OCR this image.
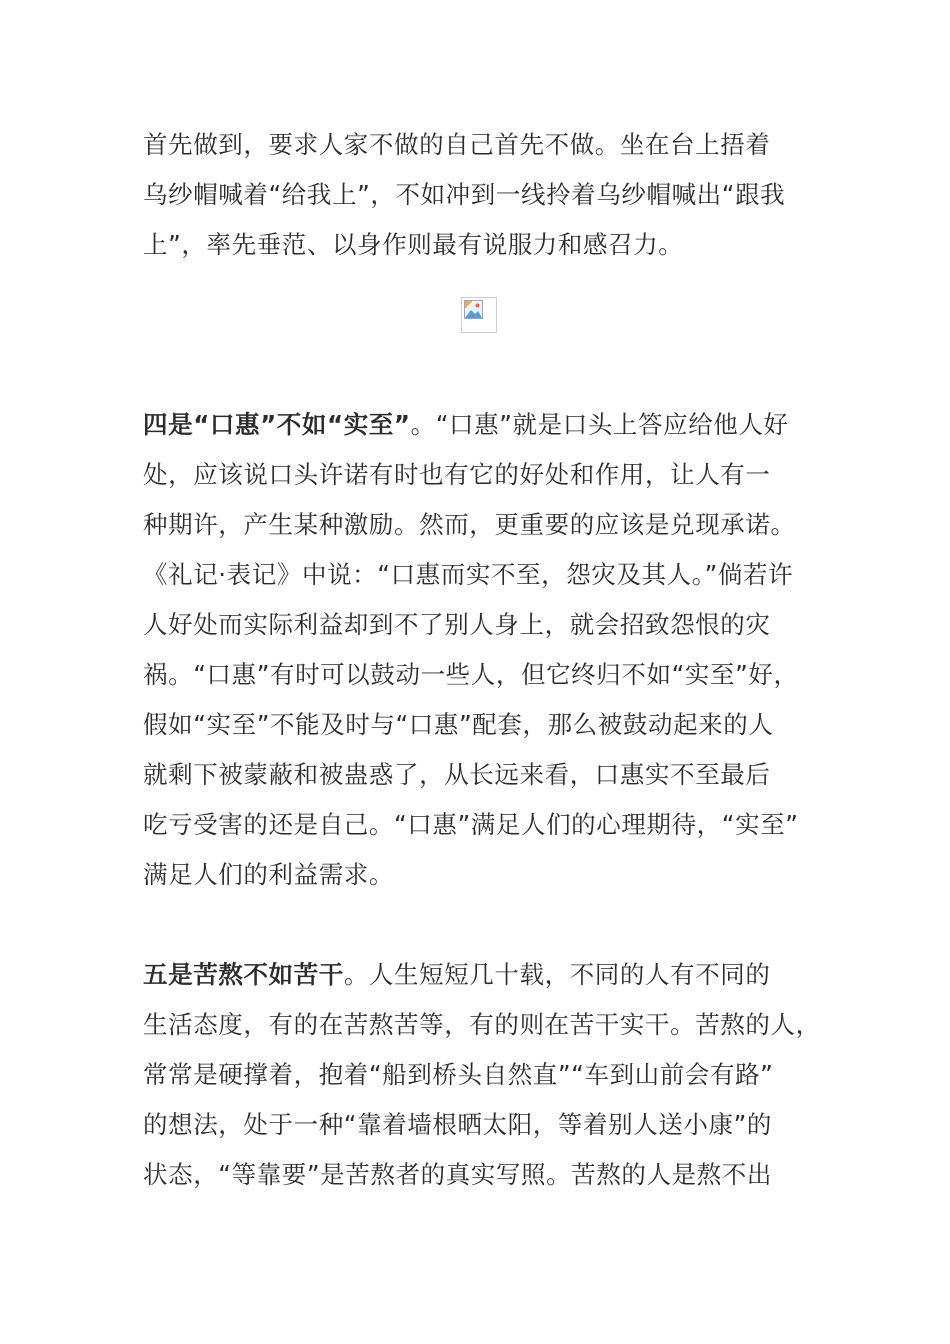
首先做到，要求人家不做的自己首先不做。坐在台上捂着
乌纱帽喊着“给我上”，不如冲到一线拎着乌纱帽喊出“跟我
上”，率先垂范、以身作则最有说服力和感召力。
四是“口惠”不如“实至”。“口惠”就是口头上答应给他人好
处，应该说口头许诺有时也有它的好处和作用，让人有一
种期许，产生某种激励。然而，更重要的应该是兑现承诺。
《礼记·表记》中说：“口惠而实不至，怨灾及其人。”倘若许
人好处而实际利益却到不了别人身上，就会招致怨恨的灾
祸。“口惠”有时可以鼓动一些人，但它终归不如“实至”好，
假如“实至”不能及时与“口惠”配套，那么被鼓动起来的人
就剩下被蒙蔽和被蛊惑了，从长远来看，口惠实不至最后
吃亏受害的还是自己。“口惠”满足人们的心理期待，“实至”
满足人们的利益需求。
五是苦熬不如苦干。人生短短几十载，不同的人有不同的
生活态度，有的在苦熬苦等，有的则在苦干实干。苦熬的人，
常常是硬撑着，抱着“船到桥头自然直”“车到山前会有路”
的想法，处于一种“靠着墙根晒太阳，等着别人送小康”的
状态，“等靠要”是苦熬者的真实写照。苦熬的人是熬不出
